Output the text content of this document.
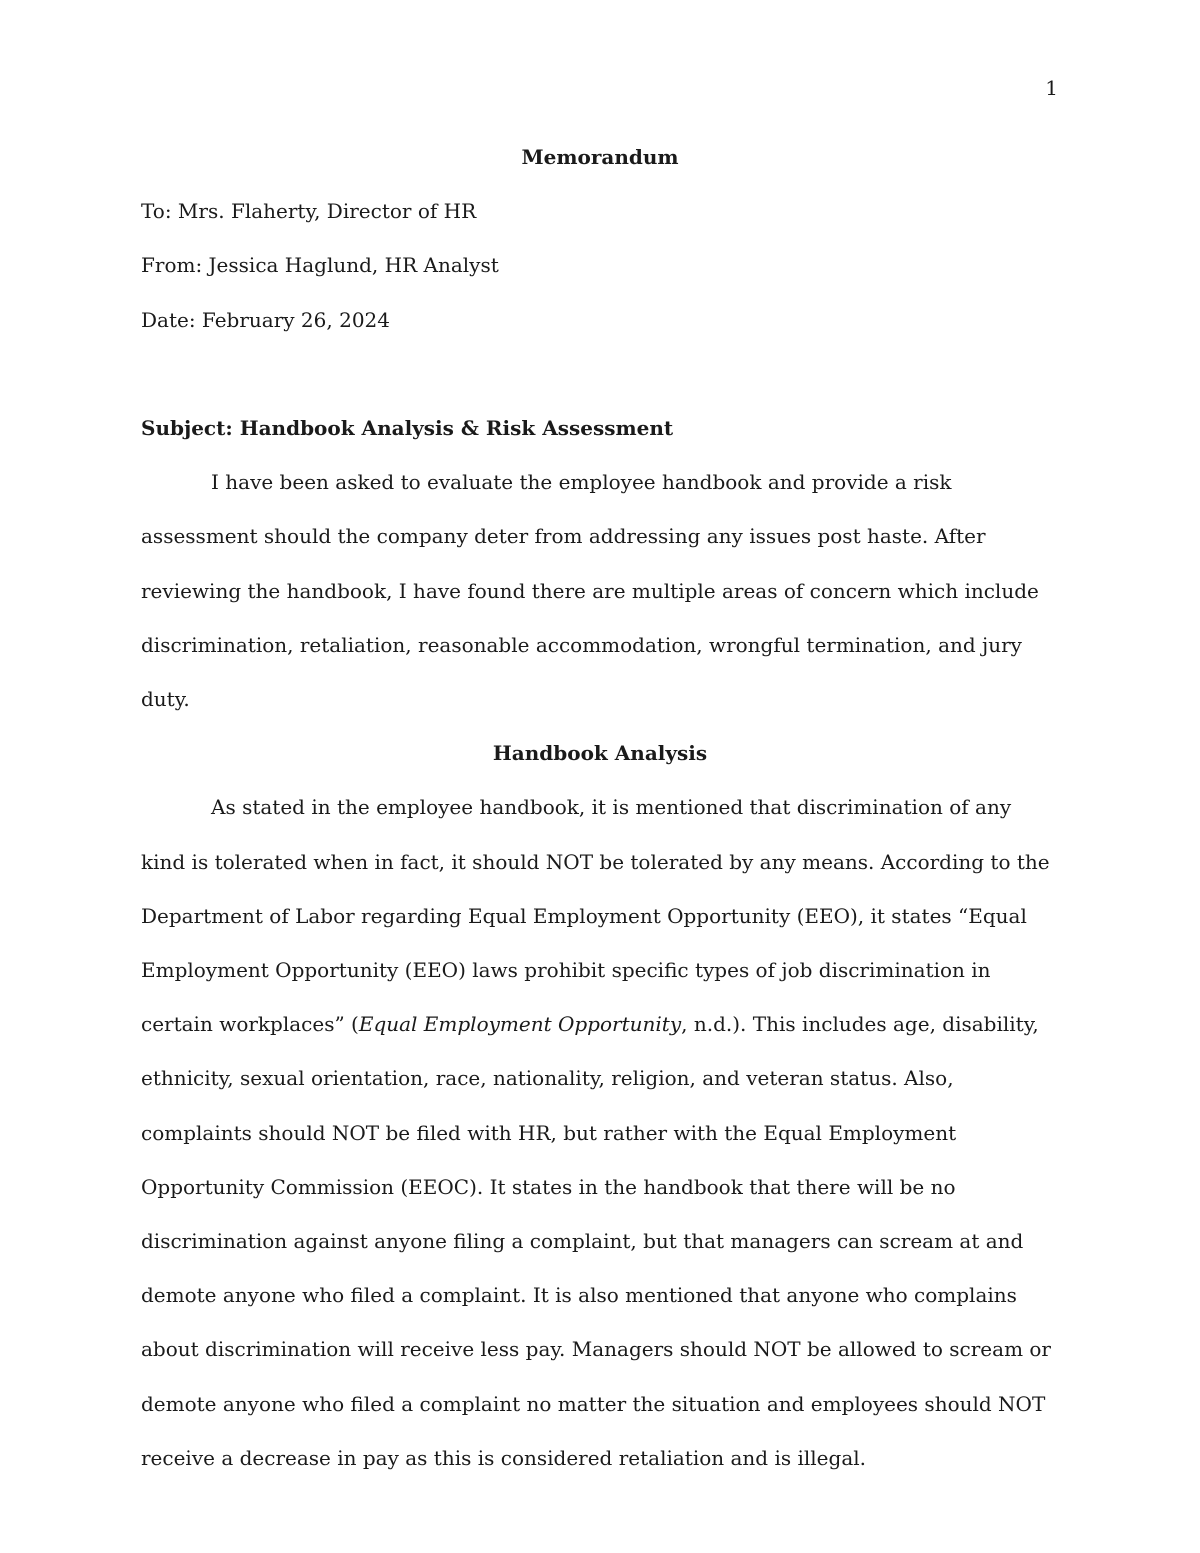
1

Memorandum

To: Mrs. Flaherty, Director of HR

From: Jessica Haglund, HR Analyst

Date: February 26, 2024

Subject: Handbook Analysis & Risk Assessment

I have been asked to evaluate the employee handbook and provide a risk assessment should the company deter from addressing any issues post haste. After reviewing the handbook, I have found there are multiple areas of concern which include discrimination, retaliation, reasonable accommodation, wrongful termination, and jury duty.

Handbook Analysis

As stated in the employee handbook, it is mentioned that discrimination of any kind is tolerated when in fact, it should NOT be tolerated by any means. According to the Department of Labor regarding Equal Employment Opportunity (EEO), it states “Equal Employment Opportunity (EEO) laws prohibit specific types of job discrimination in certain workplaces” (Equal Employment Opportunity, n.d.). This includes age, disability, ethnicity, sexual orientation, race, nationality, religion, and veteran status. Also, complaints should NOT be filed with HR, but rather with the Equal Employment Opportunity Commission (EEOC). It states in the handbook that there will be no discrimination against anyone filing a complaint, but that managers can scream at and demote anyone who filed a complaint. It is also mentioned that anyone who complains about discrimination will receive less pay. Managers should NOT be allowed to scream or demote anyone who filed a complaint no matter the situation and employees should NOT receive a decrease in pay as this is considered retaliation and is illegal.
